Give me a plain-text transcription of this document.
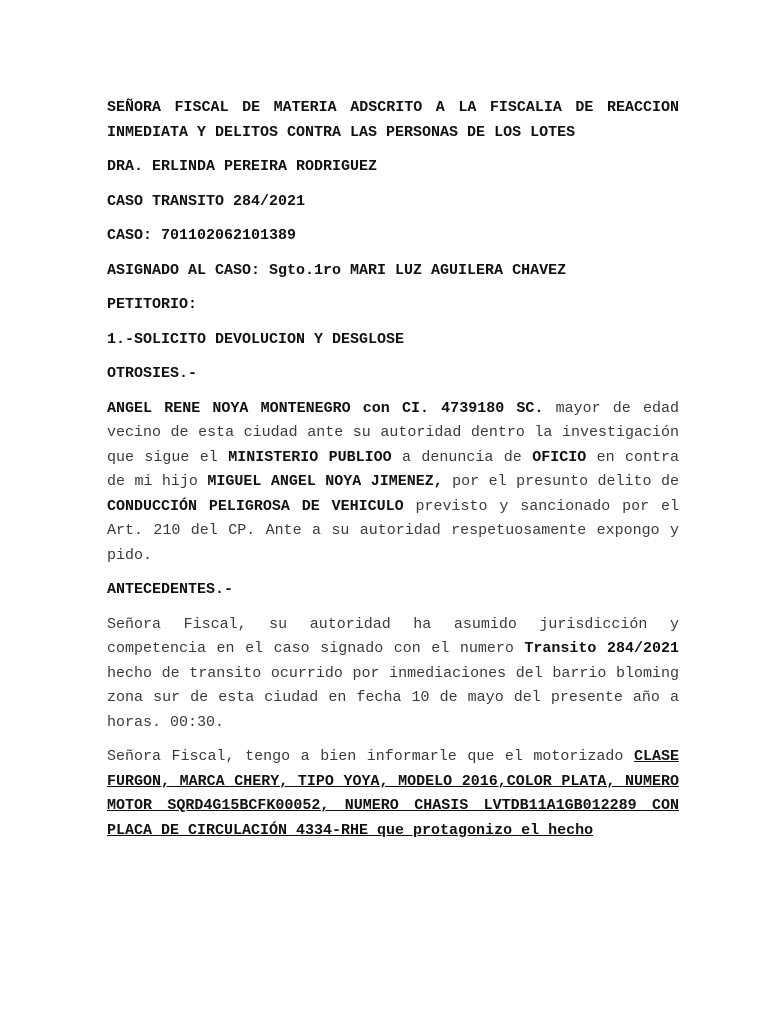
SEÑORA FISCAL DE MATERIA ADSCRITO A LA FISCALIA DE REACCION INMEDIATA Y DELITOS CONTRA LAS PERSONAS DE LOS LOTES

DRA. ERLINDA PEREIRA RODRIGUEZ

CASO TRANSITO 284/2021

CASO: 701102062101389

ASIGNADO AL CASO: Sgto.1ro MARI LUZ AGUILERA CHAVEZ

PETITORIO:

1.-SOLICITO DEVOLUCION Y DESGLOSE

OTROSIES.-

ANGEL RENE NOYA MONTENEGRO con CI. 4739180 SC. mayor de edad vecino de esta ciudad ante su autoridad dentro la investigación que sigue el MINISTERIO PUBLIOO a denuncia de OFICIO en contra de mi hijo MIGUEL ANGEL NOYA JIMENEZ, por el presunto delito de CONDUCCIÓN PELIGROSA DE VEHICULO previsto y sancionado por el Art. 210 del CP. Ante a su autoridad respetuosamente expongo y pido.

ANTECEDENTES.-

Señora Fiscal, su autoridad ha asumido jurisdicción y competencia en el caso signado con el numero Transito 284/2021 hecho de transito ocurrido por inmediaciones del barrio bloming zona sur de esta ciudad en fecha 10 de mayo del presente año a horas. 00:30.

Señora Fiscal, tengo a bien informarle que el motorizado CLASE FURGON, MARCA CHERY, TIPO YOYA, MODELO 2016,COLOR PLATA, NUMERO MOTOR SQRD4G15BCFK00052, NUMERO CHASIS LVTDB11A1GB012289 CON PLACA DE CIRCULACIÓN 4334-RHE que protagonizo el hecho
